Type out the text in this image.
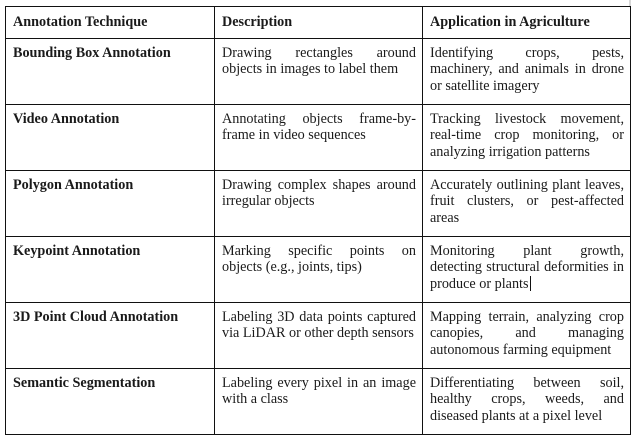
Annotation Technique	Description	Application in Agriculture

Bounding Box Annotation	Drawing rectangles around objects in images to label them	Identifying crops, pests, machinery, and animals in drone or satellite imagery

Video Annotation	Annotating objects frame-by-frame in video sequences	Tracking livestock movement, real-time crop monitoring, or analyzing irrigation patterns

Polygon Annotation	Drawing complex shapes around irregular objects	Accurately outlining plant leaves, fruit clusters, or pest-affected areas

Keypoint Annotation	Marking specific points on objects (e.g., joints, tips)	Monitoring plant growth, detecting structural deformities in produce or plants

3D Point Cloud Annotation	Labeling 3D data points captured via LiDAR or other depth sensors	Mapping terrain, analyzing crop canopies, and managing autonomous farming equipment

Semantic Segmentation	Labeling every pixel in an image with a class	Differentiating between soil, healthy crops, weeds, and diseased plants at a pixel level
